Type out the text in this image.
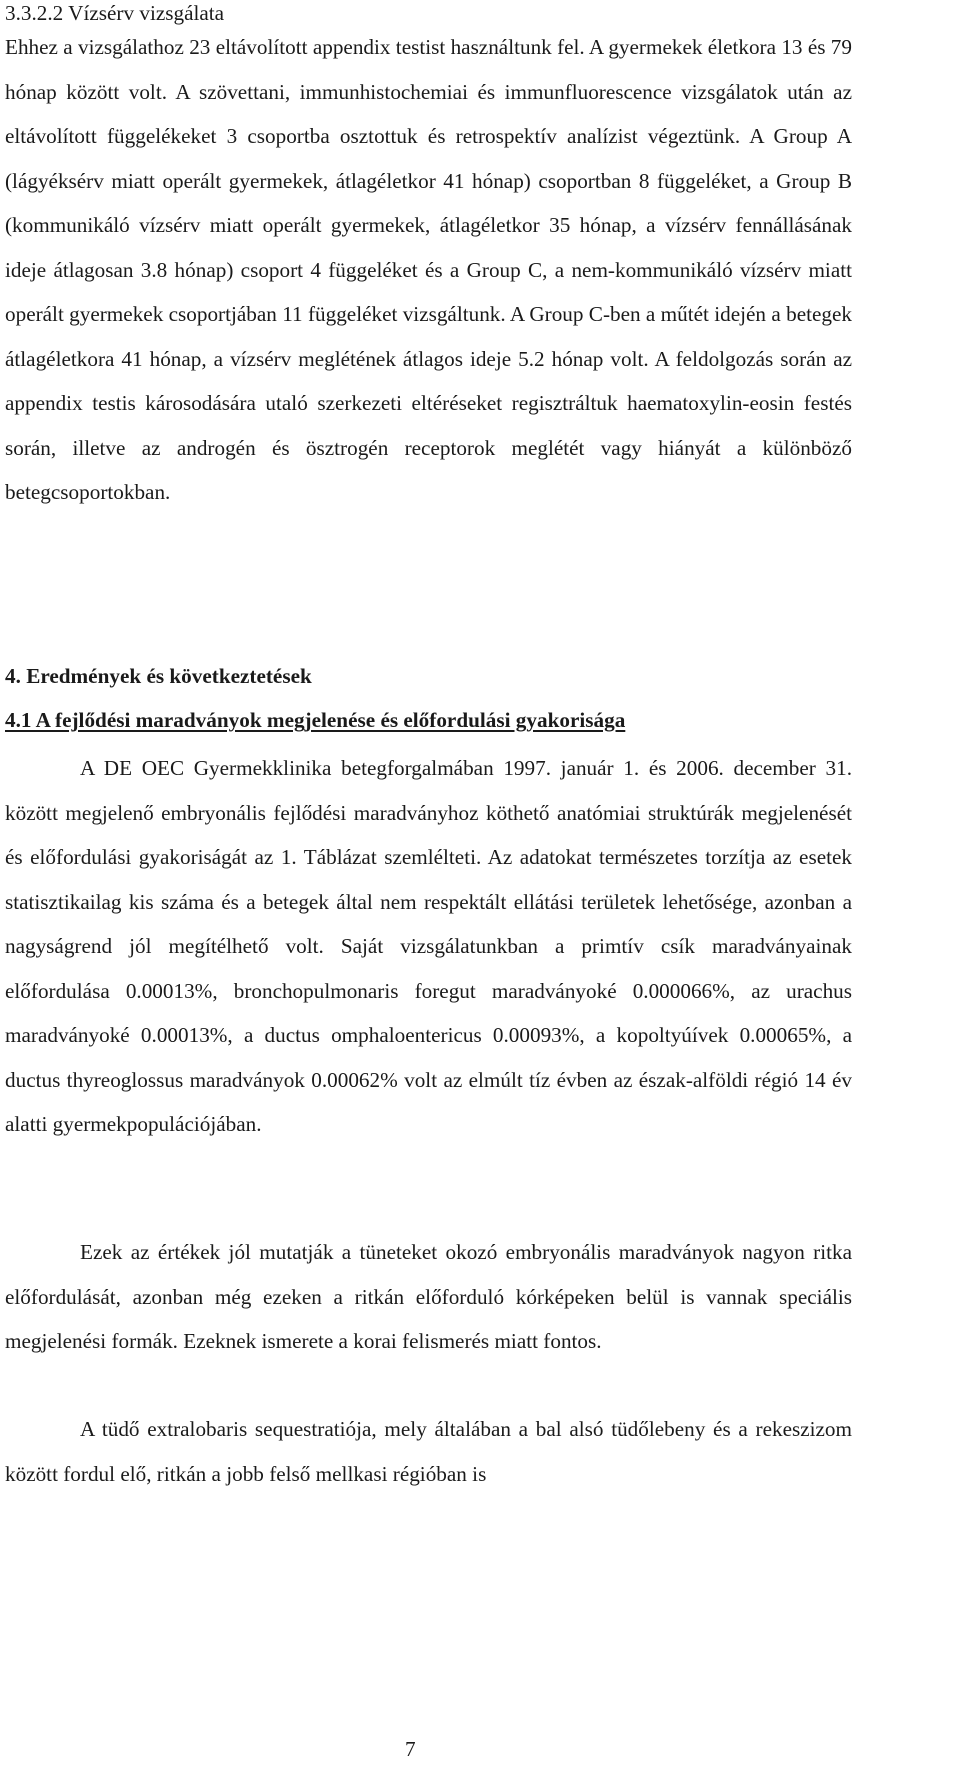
3.3.2.2 Vízsérv vizsgálata

Ehhez a vizsgálathoz 23 eltávolított appendix testist használtunk fel. A gyermekek életkora 13 és 79 hónap között volt. A szövettani, immunhistochemiai és immunfluorescence vizsgálatok után az eltávolított függelékeket 3 csoportba osztottuk és retrospektív analízist végeztünk. A Group A (lágyéksérv miatt operált gyermekek, átlagéletkor 41 hónap) csoportban 8 függeléket, a Group B (kommunikáló vízsérv miatt operált gyermekek, átlagéletkor 35 hónap, a vízsérv fennállásának ideje átlagosan 3.8 hónap) csoport 4 függeléket és a Group C, a nem-kommunikáló vízsérv miatt operált gyermekek csoportjában 11 függeléket vizsgáltunk. A Group C-ben a műtét idején a betegek átlagéletkora 41 hónap, a vízsérv meglétének átlagos ideje 5.2 hónap volt. A feldolgozás során az appendix testis károsodására utaló szerkezeti eltéréseket regisztráltuk haematoxylin-eosin festés során, illetve az androgén és ösztrogén receptorok meglétét vagy hiányát a különböző betegcsoportokban.

4. Eredmények és következtetések
4.1 A fejlődési maradványok megjelenése és előfordulási gyakorisága

A DE OEC Gyermekklinika betegforgalmában 1997. január 1. és 2006. december 31. között megjelenő embryonális fejlődési maradványhoz köthető anatómiai struktúrák megjelenését és előfordulási gyakoriságát az 1. Táblázat szemlélteti. Az adatokat természetes torzítja az esetek statisztikailag kis száma és a betegek által nem respektált ellátási területek lehetősége, azonban a nagyságrend jól megítélhető volt. Saját vizsgálatunkban a primtív csík maradványainak előfordulása 0.00013%, bronchopulmonaris foregut maradványoké 0.000066%, az urachus maradványoké 0.00013%, a ductus omphaloentericus 0.00093%, a kopoltyúívek 0.00065%, a ductus thyreoglossus maradványok 0.00062% volt az elmúlt tíz évben az észak-alföldi régió 14 év alatti gyermekpopulációjában.

Ezek az értékek jól mutatják a tüneteket okozó embryonális maradványok nagyon ritka előfordulását, azonban még ezeken a ritkán előforduló kórképeken belül is vannak speciális megjelenési formák. Ezeknek ismerete a korai felismerés miatt fontos.

A tüdő extralobaris sequestratiója, mely általában a bal alsó tüdőlebeny és a rekeszizom között fordul elő, ritkán a jobb felső mellkasi régióban is

7
